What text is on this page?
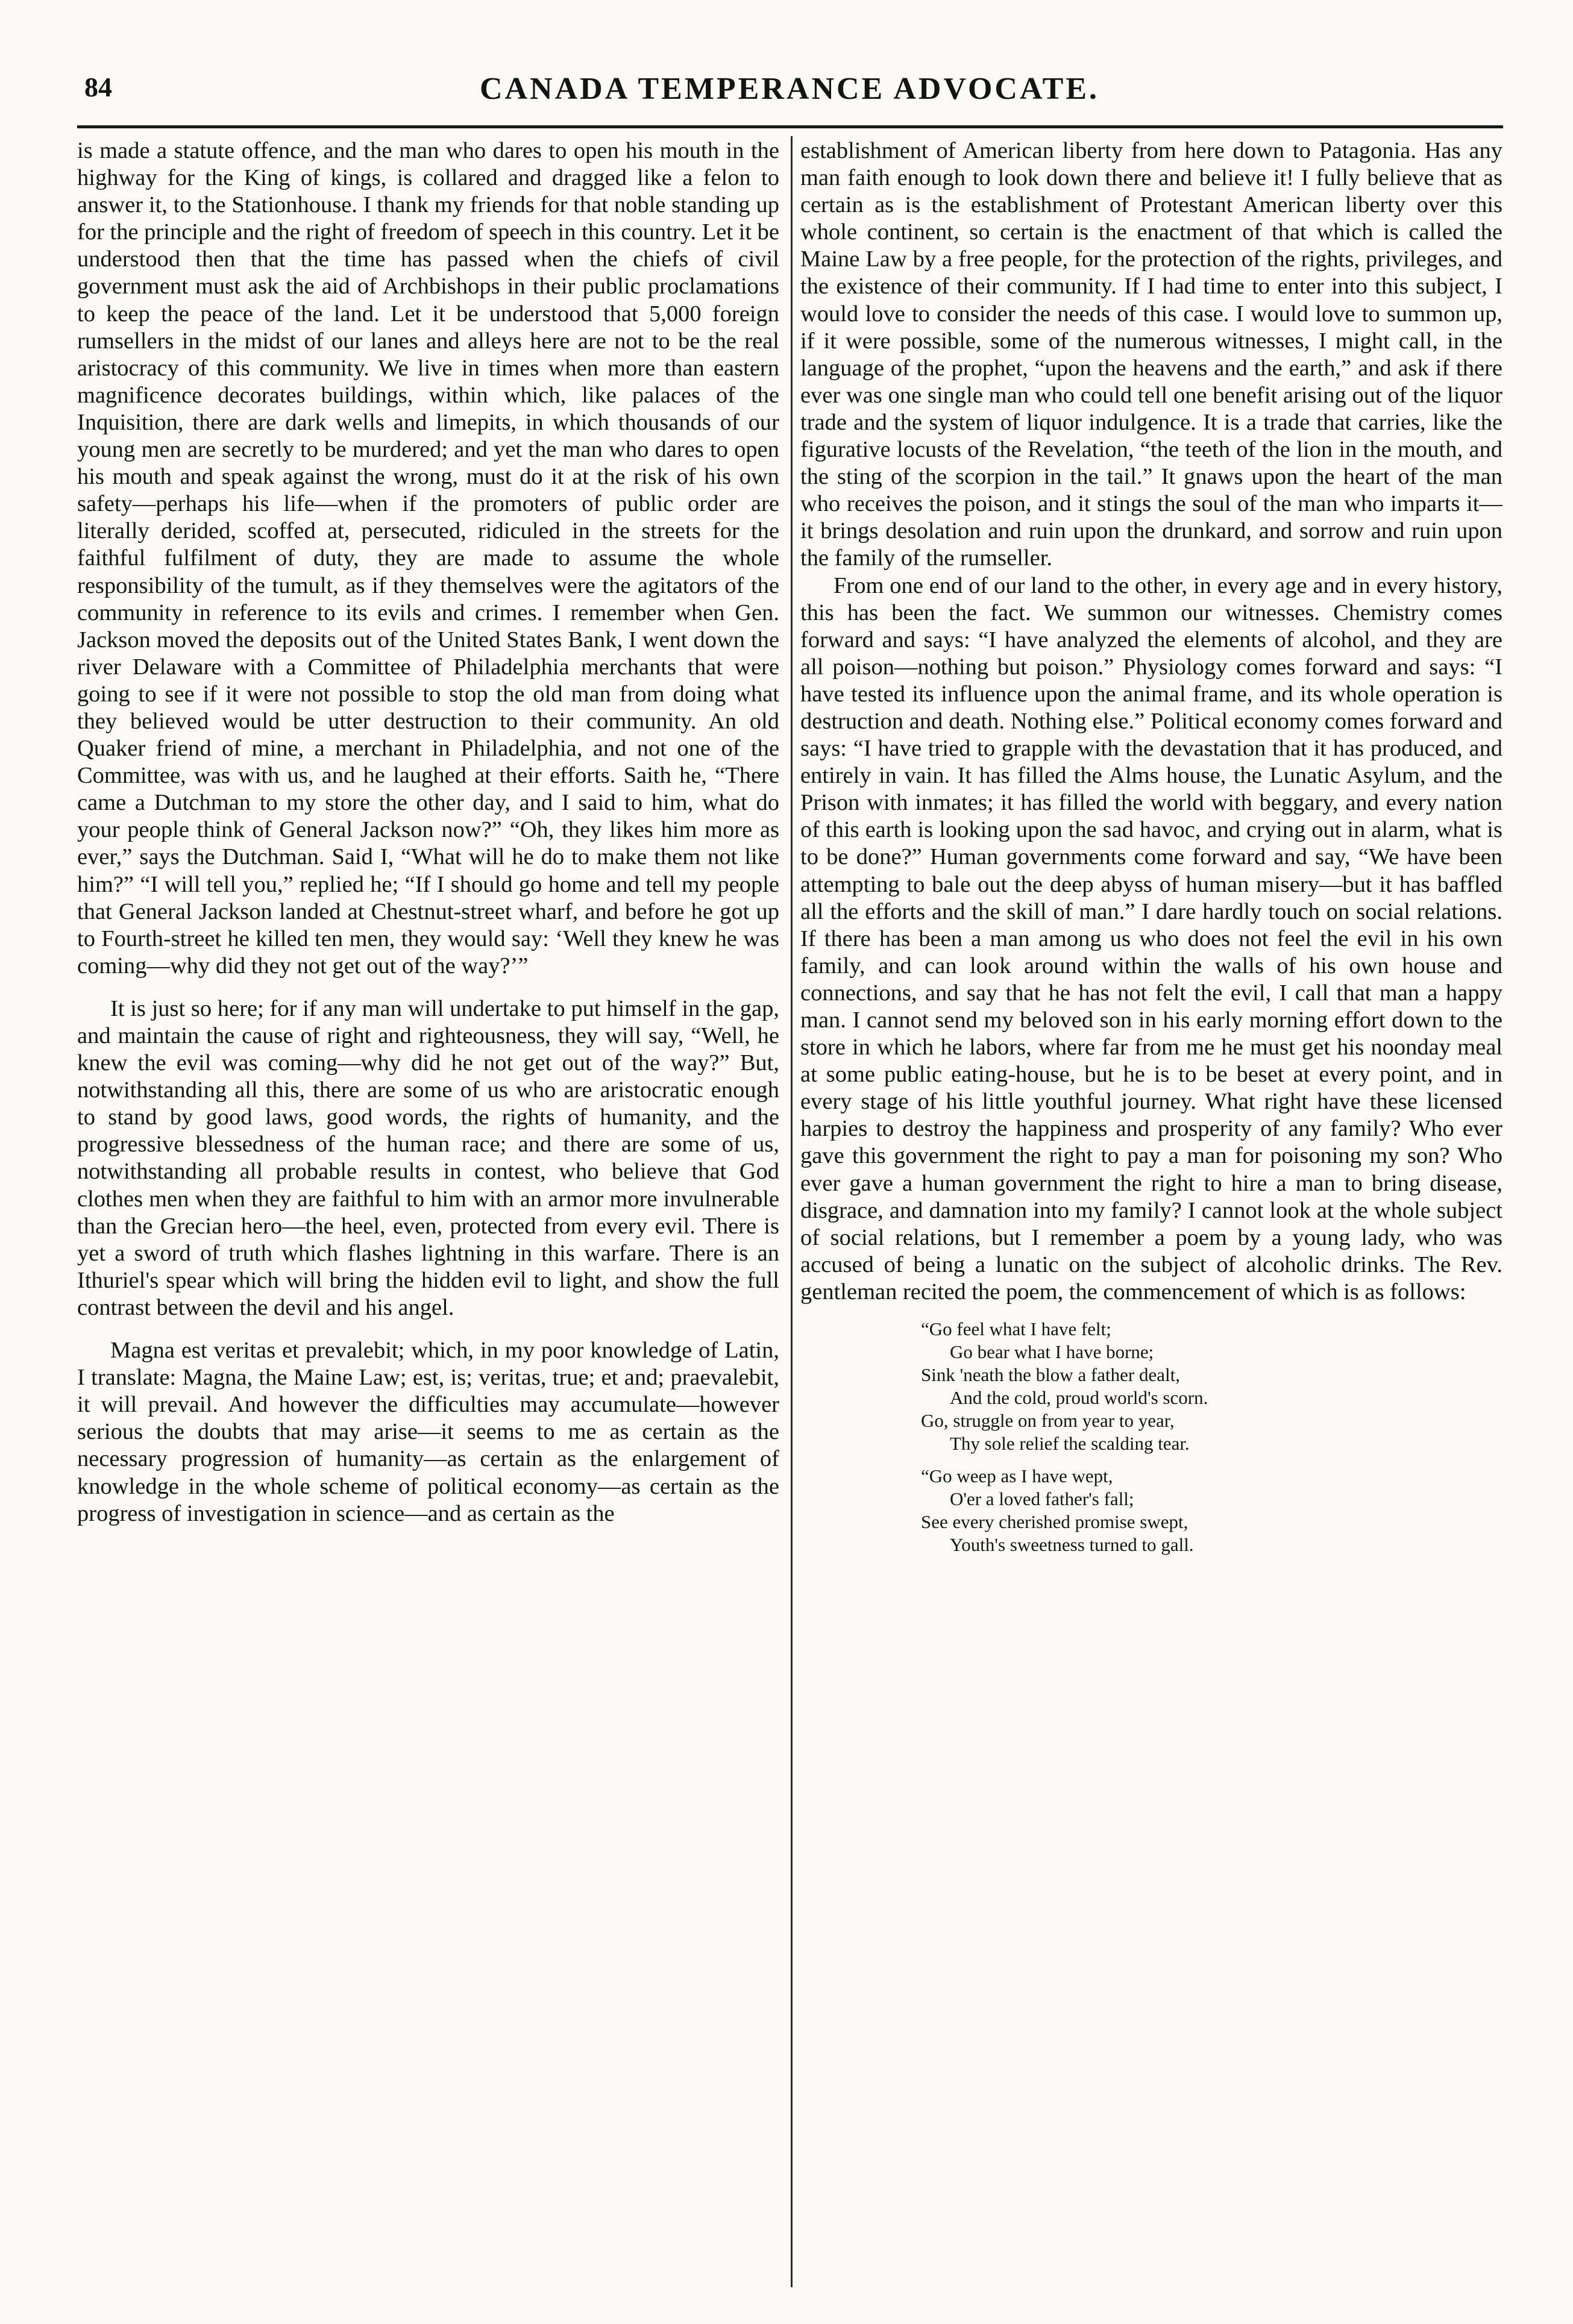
84	CANADA TEMPERANCE ADVOCATE.

is made a statute offence, and the man who dares to open his mouth in the highway for the King of kings, is collared and dragged like a felon to answer it, to the Stationhouse. I thank my friends for that noble standing up for the principle and the right of freedom of speech in this country. Let it be understood then that the time has passed when the chiefs of civil government must ask the aid of Archbishops in their public proclamations to keep the peace of the land. Let it be understood that 5,000 foreign rumsellers in the midst of our lanes and alleys here are not to be the real aristocracy of this community. We live in times when more than eastern magnificence decorates buildings, within which, like palaces of the Inquisition, there are dark wells and limepits, in which thousands of our young men are secretly to be murdered; and yet the man who dares to open his mouth and speak against the wrong, must do it at the risk of his own safety—perhaps his life—when if the promoters of public order are literally derided, scoffed at, persecuted, ridiculed in the streets for the faithful fulfilment of duty, they are made to assume the whole responsibility of the tumult, as if they themselves were the agitators of the community in reference to its evils and crimes. I remember when Gen. Jackson moved the deposits out of the United States Bank, I went down the river Delaware with a Committee of Philadelphia merchants that were going to see if it were not possible to stop the old man from doing what they believed would be utter destruction to their community. An old Quaker friend of mine, a merchant in Philadelphia, and not one of the Committee, was with us, and he laughed at their efforts. Saith he, “There came a Dutchman to my store the other day, and I said to him, what do your people think of General Jackson now?” “Oh, they likes him more as ever,” says the Dutchman. Said I, “What will he do to make them not like him?” “I will tell you,” replied he; “If I should go home and tell my people that General Jackson landed at Chestnut-street wharf, and before he got up to Fourth-street he killed ten men, they would say: ‘Well they knew he was coming—why did they not get out of the way?’”

It is just so here; for if any man will undertake to put himself in the gap, and maintain the cause of right and righteousness, they will say, “Well, he knew the evil was coming—why did he not get out of the way?” But, notwithstanding all this, there are some of us who are aristocratic enough to stand by good laws, good words, the rights of humanity, and the progressive blessedness of the human race; and there are some of us, notwithstanding all probable results in contest, who believe that God clothes men when they are faithful to him with an armor more invulnerable than the Grecian hero—the heel, even, protected from every evil. There is yet a sword of truth which flashes lightning in this warfare. There is an Ithuriel's spear which will bring the hidden evil to light, and show the full contrast between the devil and his angel.

Magna est veritas et prevalebit; which, in my poor knowledge of Latin, I translate: Magna, the Maine Law; est, is; veritas, true; et and; praevalebit, it will prevail. And however the difficulties may accumulate—however serious the doubts that may arise—it seems to me as certain as the necessary progression of humanity—as certain as the enlargement of knowledge in the whole scheme of political economy—as certain as the progress of investigation in science—and as certain as the

establishment of American liberty from here down to Patagonia. Has any man faith enough to look down there and believe it! I fully believe that as certain as is the establishment of Protestant American liberty over this whole continent, so certain is the enactment of that which is called the Maine Law by a free people, for the protection of the rights, privileges, and the existence of their community. If I had time to enter into this subject, I would love to consider the needs of this case. I would love to summon up, if it were possible, some of the numerous witnesses, I might call, in the language of the prophet, “upon the heavens and the earth,” and ask if there ever was one single man who could tell one benefit arising out of the liquor trade and the system of liquor indulgence. It is a trade that carries, like the figurative locusts of the Revelation, “the teeth of the lion in the mouth, and the sting of the scorpion in the tail.” It gnaws upon the heart of the man who receives the poison, and it stings the soul of the man who imparts it—it brings desolation and ruin upon the drunkard, and sorrow and ruin upon the family of the rumseller.

From one end of our land to the other, in every age and in every history, this has been the fact. We summon our witnesses. Chemistry comes forward and says: “I have analyzed the elements of alcohol, and they are all poison—nothing but poison.” Physiology comes forward and says: “I have tested its influence upon the animal frame, and its whole operation is destruction and death. Nothing else.” Political economy comes forward and says: “I have tried to grapple with the devastation that it has produced, and entirely in vain. It has filled the Alms house, the Lunatic Asylum, and the Prison with inmates; it has filled the world with beggary, and every nation of this earth is looking upon the sad havoc, and crying out in alarm, what is to be done?” Human governments come forward and say, “We have been attempting to bale out the deep abyss of human misery—but it has baffled all the efforts and the skill of man.” I dare hardly touch on social relations. If there has been a man among us who does not feel the evil in his own family, and can look around within the walls of his own house and connections, and say that he has not felt the evil, I call that man a happy man. I cannot send my beloved son in his early morning effort down to the store in which he labors, where far from me he must get his noonday meal at some public eating-house, but he is to be beset at every point, and in every stage of his little youthful journey. What right have these licensed harpies to destroy the happiness and prosperity of any family? Who ever gave this government the right to pay a man for poisoning my son? Who ever gave a human government the right to hire a man to bring disease, disgrace, and damnation into my family? I cannot look at the whole subject of social relations, but I remember a poem by a young lady, who was accused of being a lunatic on the subject of alcoholic drinks. The Rev. gentleman recited the poem, the commencement of which is as follows:

“Go feel what I have felt;
Go bear what I have borne;
Sink 'neath the blow a father dealt,
And the cold, proud world's scorn.
Go, struggle on from year to year,
Thy sole relief the scalding tear.
“Go weep as I have wept,
O'er a loved father's fall;
See every cherished promise swept,
Youth's sweetness turned to gall.
